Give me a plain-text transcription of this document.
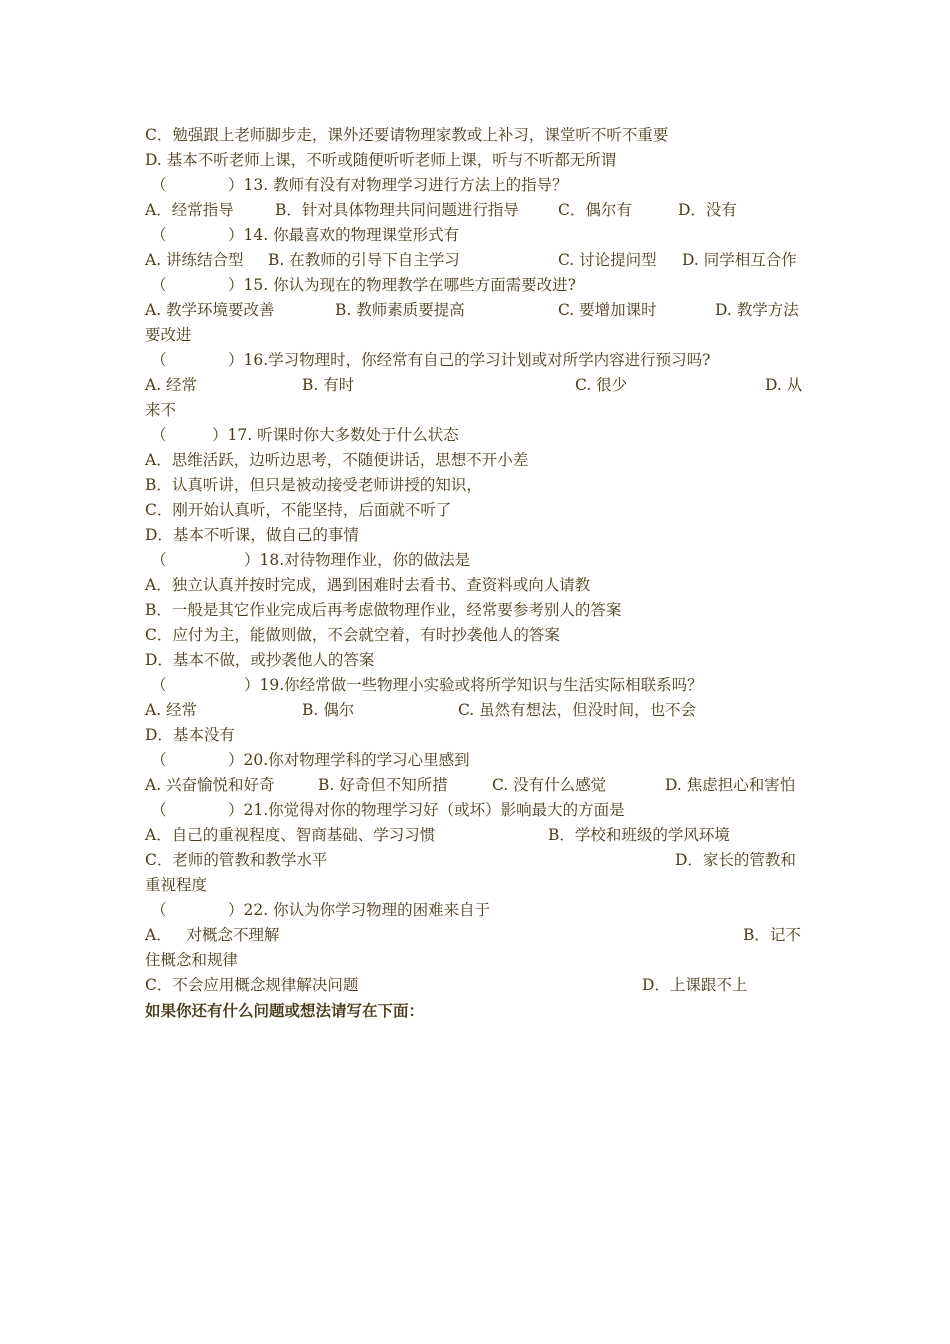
C．勉强跟上老师脚步走，课外还要请物理家教或上补习，课堂听不听不重要
D. 基本不听老师上课，不听或随便听听老师上课，听与不听都无所谓
（	）13. 教师有没有对物理学习进行方法上的指导？
A．经常指导	B．针对具体物理共同问题进行指导	C．偶尔有	D．没有
（	）14. 你最喜欢的物理课堂形式有
A. 讲练结合型 B. 在教师的引导下自主学习	C. 讨论提问型 D. 同学相互合作
（	）15. 你认为现在的物理教学在哪些方面需要改进?
A. 教学环境要改善	B. 教师素质要提高	C. 要增加课时	D. 教学方法
要改进
（	）16.学习物理时，你经常有自己的学习计划或对所学内容进行预习吗?
A. 经常	B. 有时	C. 很少	D. 从
来不
（	）17. 听课时你大多数处于什么状态
A．思维活跃，边听边思考，不随便讲话，思想不开小差
B．认真听讲，但只是被动接受老师讲授的知识，
C．刚开始认真听，不能坚持，后面就不听了
D．基本不听课，做自己的事情
（	）18.对待物理作业，你的做法是
A．独立认真并按时完成，遇到困难时去看书、查资料或向人请教
B．一般是其它作业完成后再考虑做物理作业，经常要参考别人的答案
C．应付为主，能做则做，不会就空着，有时抄袭他人的答案
D．基本不做，或抄袭他人的答案
（	）19.你经常做一些物理小实验或将所学知识与生活实际相联系吗？
A. 经常	B. 偶尔	C. 虽然有想法，但没时间，也不会
D．基本没有
（	）20.你对物理学科的学习心里感到
A. 兴奋愉悦和好奇	B. 好奇但不知所措	C. 没有什么感觉	D. 焦虑担心和害怕
（	）21.你觉得对你的物理学习好（或坏）影响最大的方面是
A．自己的重视程度、智商基础、学习习惯	B．学校和班级的学风环境
C．老师的管教和教学水平	D．家长的管教和
重视程度
（	）22. 你认为你学习物理的困难来自于
A．   对概念不理解	B．记不
住概念和规律
C．不会应用概念规律解决问题	D．上课跟不上
如果你还有什么问题或想法请写在下面：
